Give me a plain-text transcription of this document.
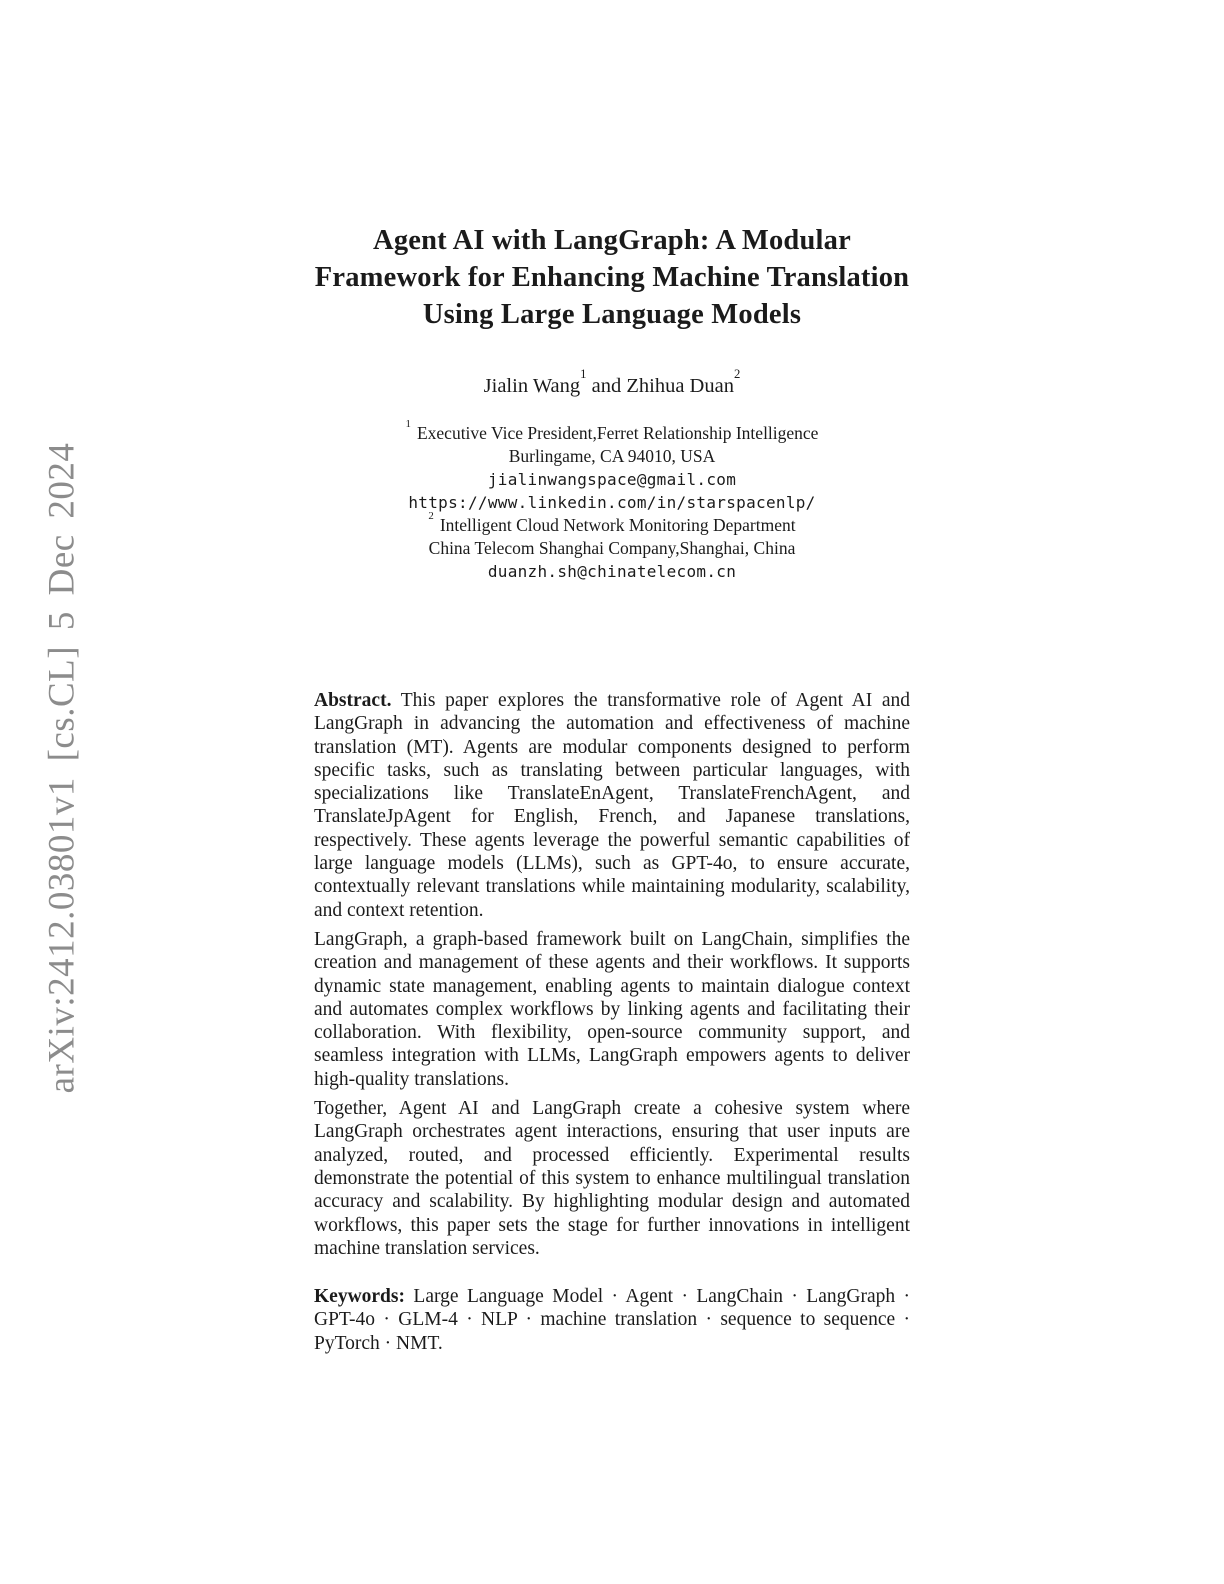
arXiv:2412.03801v1 [cs.CL] 5 Dec 2024
Agent AI with LangGraph: A Modular
Framework for Enhancing Machine Translation
Using Large Language Models

Jialin Wang$^1$ and Zhihua Duan$^2$

$^1$ Executive Vice President,Ferret Relationship Intelligence
Burlingame, CA 94010, USA
jialinwangspace@gmail.com
https://www.linkedin.com/in/starspacenlp/
$^2$ Intelligent Cloud Network Monitoring Department
China Telecom Shanghai Company,Shanghai, China
duanzh.sh@chinatelecom.cn

Abstract. This paper explores the transformative role of Agent AI and LangGraph in advancing the automation and effectiveness of machine translation (MT). Agents are modular components designed to perform specific tasks, such as translating between particular languages, with specializations like TranslateEnAgent, TranslateFrenchAgent, and TranslateJpAgent for English, French, and Japanese translations, respectively. These agents leverage the powerful semantic capabilities of large language models (LLMs), such as GPT-4o, to ensure accurate, contextually relevant translations while maintaining modularity, scalability, and context retention.

LangGraph, a graph-based framework built on LangChain, simplifies the creation and management of these agents and their workflows. It supports dynamic state management, enabling agents to maintain dialogue context and automates complex workflows by linking agents and facilitating their collaboration. With flexibility, open-source community support, and seamless integration with LLMs, LangGraph empowers agents to deliver high-quality translations.

Together, Agent AI and LangGraph create a cohesive system where LangGraph orchestrates agent interactions, ensuring that user inputs are analyzed, routed, and processed efficiently. Experimental results demonstrate the potential of this system to enhance multilingual translation accuracy and scalability. By highlighting modular design and automated workflows, this paper sets the stage for further innovations in intelligent machine translation services.

Keywords: Large Language Model · Agent · LangChain · LangGraph · GPT-4o · GLM-4 · NLP · machine translation · sequence to sequence · PyTorch · NMT.
